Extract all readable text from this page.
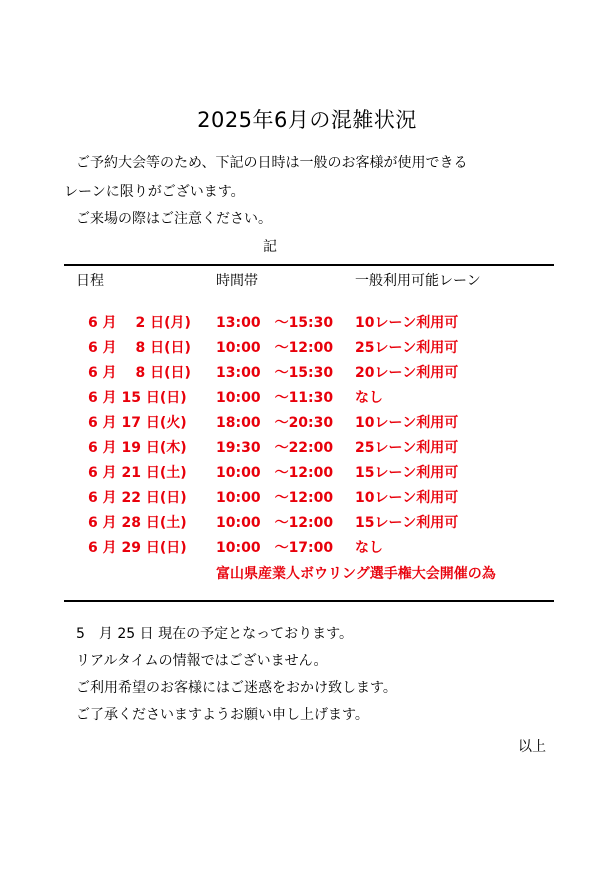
2025年6月の混雑状況
ご予約大会等のため、下記の日時は一般のお客様が使用できる
レーンに限りがございます。
ご来場の際はご注意ください。
記
日程	時間帯	一般利用可能レーン
6 月　 2 日(月) 13:00　～15:30 10レーン利用可
6 月　 8 日(日) 10:00　～12:00 25レーン利用可
6 月　 8 日(日) 13:00　～15:30 20レーン利用可
6 月 15 日(日) 10:00　～11:30 なし
6 月 17 日(火) 18:00　～20:30 10レーン利用可
6 月 19 日(木) 19:30　～22:00 25レーン利用可
6 月 21 日(土) 10:00　～12:00 15レーン利用可
6 月 22 日(日) 10:00　～12:00 10レーン利用可
6 月 28 日(土) 10:00　～12:00 15レーン利用可
6 月 29 日(日) 10:00　～17:00 なし
富山県産業人ボウリング選手権大会開催の為
5　月 25 日 現在の予定となっております。
リアルタイムの情報ではございません。
ご利用希望のお客様にはご迷惑をおかけ致します。
ご了承くださいますようお願い申し上げます。
以上
